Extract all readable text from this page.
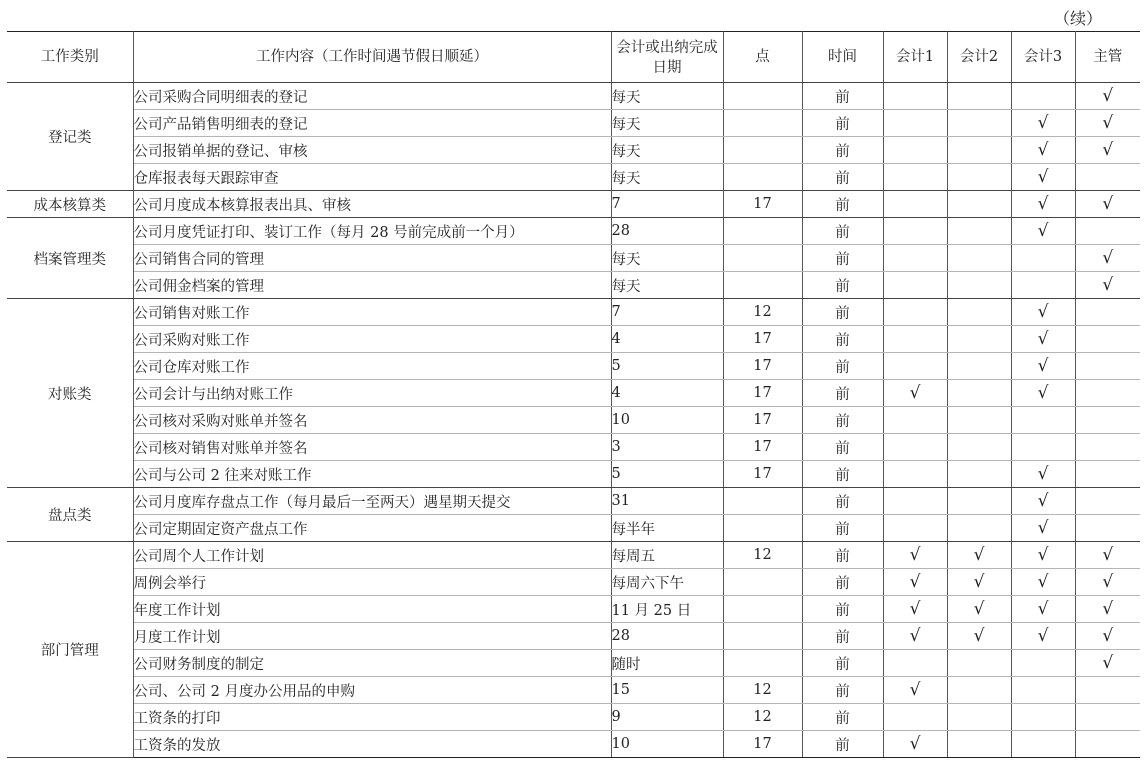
（续）
工作类别	工作内容（工作时间遇节假日顺延）	会计或出纳完成日期	点	时间	会计1	会计2	会计3	主管
登记类	公司采购合同明细表的登记	每天		前				√
	公司产品销售明细表的登记	每天		前			√	√
	公司报销单据的登记、审核	每天		前			√	√
	仓库报表每天跟踪审查	每天		前			√	
成本核算类	公司月度成本核算报表出具、审核	7	17	前			√	√
档案管理类	公司月度凭证打印、装订工作（每月 28 号前完成前一个月）	28		前			√	
	公司销售合同的管理	每天		前				√
	公司佣金档案的管理	每天		前				√
对账类	公司销售对账工作	7	12	前			√	
	公司采购对账工作	4	17	前			√	
	公司仓库对账工作	5	17	前			√	
	公司会计与出纳对账工作	4	17	前	√		√	
	公司核对采购对账单并签名	10	17	前				
	公司核对销售对账单并签名	3	17	前				
	公司与公司 2 往来对账工作	5	17	前			√	
盘点类	公司月度库存盘点工作（每月最后一至两天）遇星期天提交	31		前			√	
	公司定期固定资产盘点工作	每半年		前			√	
部门管理	公司周个人工作计划	每周五	12	前	√	√	√	√
	周例会举行	每周六下午		前	√	√	√	√
	年度工作计划	11 月 25 日		前	√	√	√	√
	月度工作计划	28		前	√	√	√	√
	公司财务制度的制定	随时		前				√
	公司、公司 2 月度办公用品的申购	15	12	前	√			
	工资条的打印	9	12	前				
	工资条的发放	10	17	前	√			
